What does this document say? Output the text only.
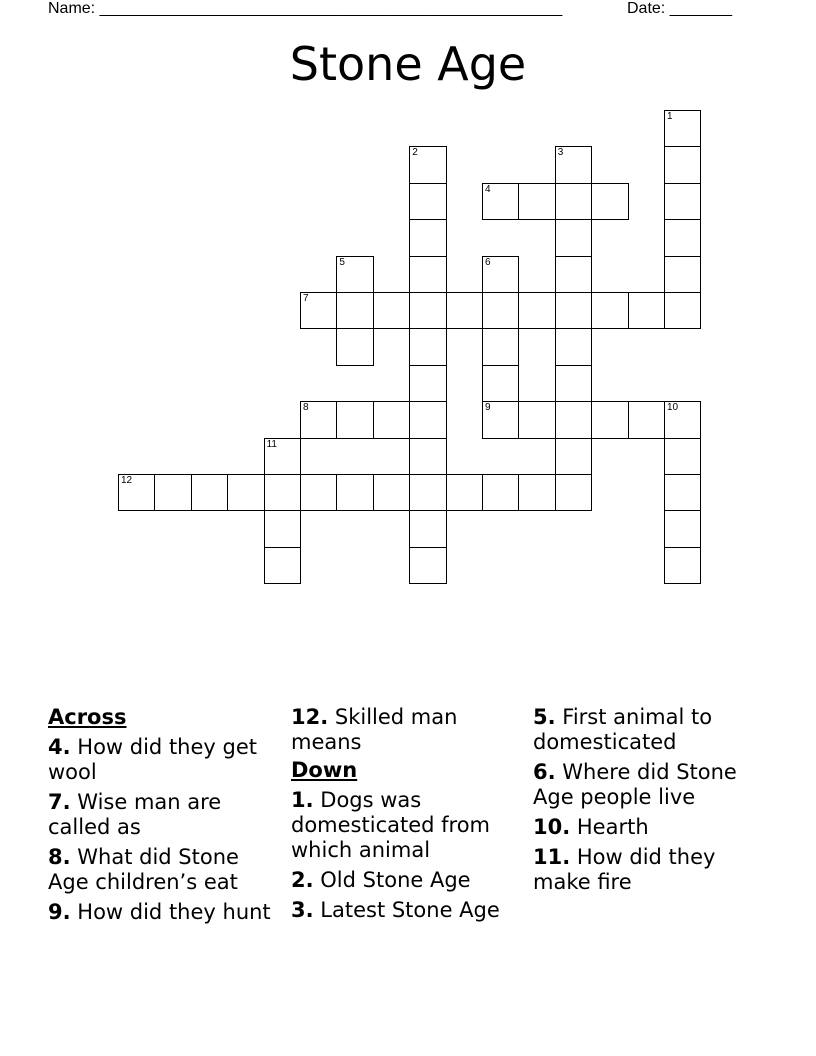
Name: ____________________________________________________	Date: _______
Stone Age
1
2	3
4
5	6
7
8	9	10
11
12
Across
4. How did they get wool
7. Wise man are called as
8. What did Stone Age children’s eat
9. How did they hunt
12. Skilled man means
Down
1. Dogs was domesticated from which animal
2. Old Stone Age
3. Latest Stone Age
5. First animal to domesticated
6. Where did Stone Age people live
10. Hearth
11. How did they make fire
